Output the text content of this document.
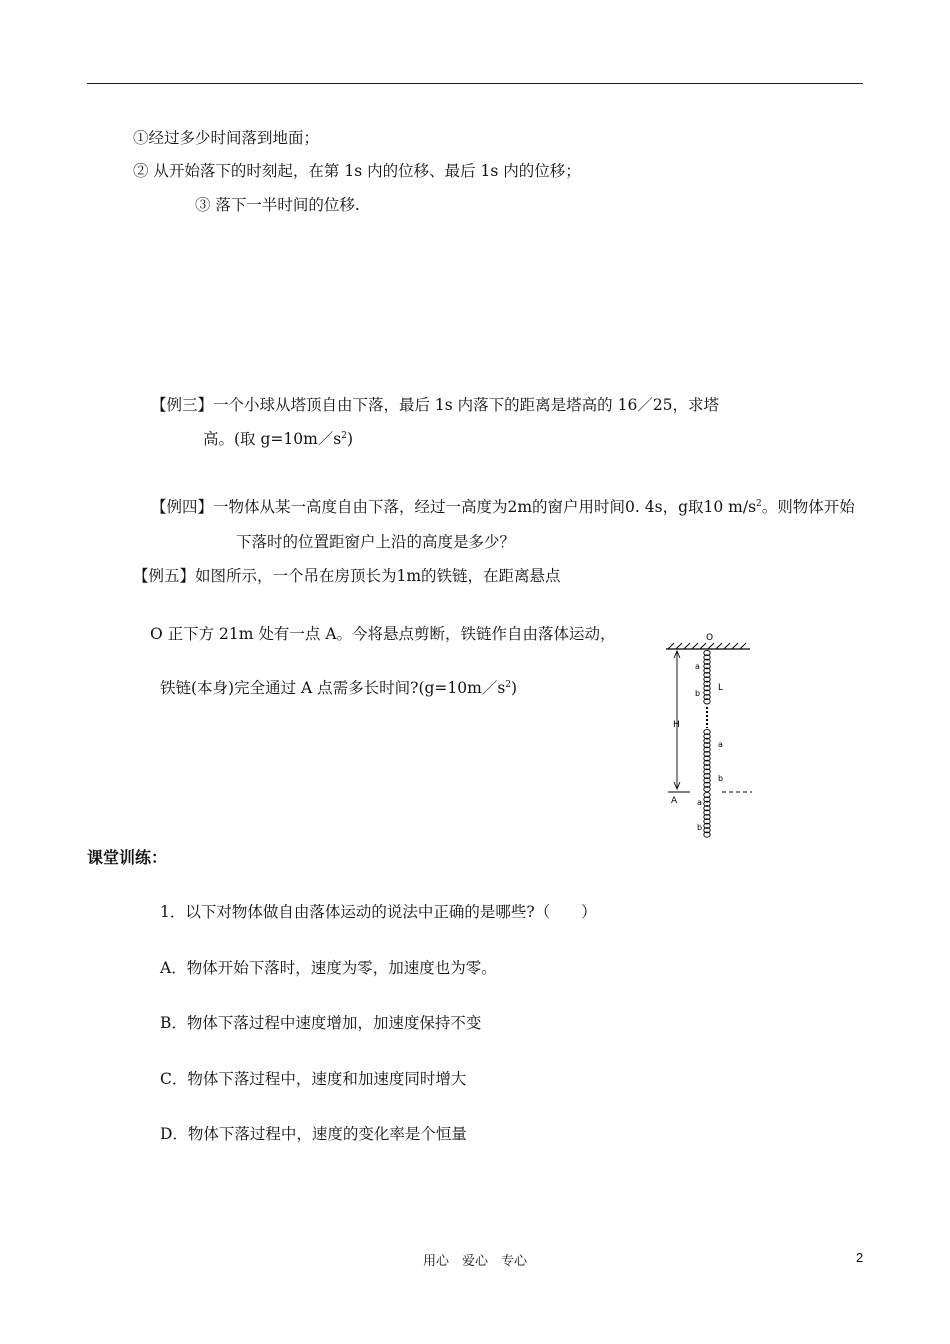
①经过多少时间落到地面；
② 从开始落下的时刻起，在第 1s 内的位移、最后 1s 内的位移；
③ 落下一半时间的位移.
【例三】一个小球从塔顶自由下落，最后 1s 内落下的距离是塔高的 16／25，求塔
高。(取 $g=10m/s^2$)
【例四】一物体从某一高度自由下落，经过一高度为2m的窗户用时间0. 4s，g取10 $m/s^2$。则物体开始
下落时的位置距窗户上沿的高度是多少？
【例五】如图所示，一个吊在房顶长为1m的铁链，在距离悬点
O 正下方 21m 处有一点 A。今将悬点剪断，铁链作自由落体运动，
铁链(本身)完全通过 A 点需多长时间$?(g=10m/s^2)$
O
a
b
L
H
a
b
A a
b
课堂训练：
1．以下对物体做自由落体运动的说法中正确的是哪些?（　　）
A．物体开始下落时，速度为零，加速度也为零。
B．物体下落过程中速度增加，加速度保持不变
C．物体下落过程中，速度和加速度同时增大
D．物体下落过程中，速度的变化率是个恒量
用心　爱心　专心	2
